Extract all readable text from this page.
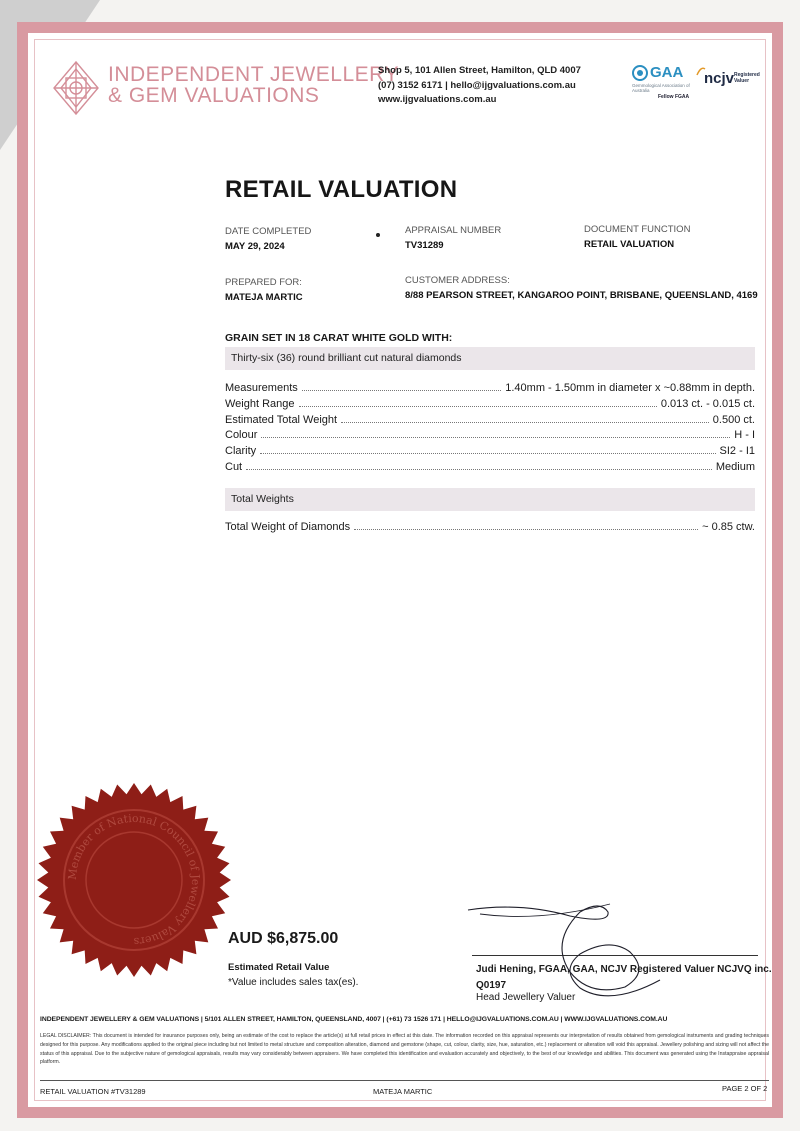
INDEPENDENT JEWELLERY
& GEM VALUATIONS
Shop 5, 101 Allen Street, Hamilton, QLD 4007
(07) 3152 6171 | hello@ijgvaluations.com.au
www.ijgvaluations.com.au
GAA
Gemmological Association of Australia
Fellow FGAA
ncjv Registered Valuer
RETAIL VALUATION
DATE COMPLETED
MAY 29, 2024
APPRAISAL NUMBER
TV31289
DOCUMENT FUNCTION
RETAIL VALUATION
PREPARED FOR:
MATEJA MARTIC
CUSTOMER ADDRESS:
8/88 PEARSON STREET, KANGAROO POINT, BRISBANE, QUEENSLAND, 4169
GRAIN SET IN 18 CARAT WHITE GOLD WITH:
Thirty-six (36) round brilliant cut natural diamonds
Measurements	1.40mm - 1.50mm in diameter x ~0.88mm in depth.
Weight Range	0.013 ct. - 0.015 ct.
Estimated Total Weight	0.500 ct.
Colour	H - I
Clarity	SI2 - I1
Cut	Medium
Total Weights
Total Weight of Diamonds	~ 0.85 ctw.
Member of National Council of Jewellery Valuers	AUD $6,875.00
Estimated Retail Value
*Value includes sales tax(es).
Judi Hening, FGAA, GAA, NCJV Registered Valuer NCJVQ inc.
Q0197
Head Jewellery Valuer
INDEPENDENT JEWELLERY & GEM VALUATIONS | 5/101 ALLEN STREET, HAMILTON, QUEENSLAND, 4007 | (+61) 73 1526 171 | HELLO@IJGVALUATIONS.COM.AU | WWW.IJGVALUATIONS.COM.AU
LEGAL DISCLAIMER: This document is intended for insurance purposes only, being an estimate of the cost to replace the article(s) at full retail prices in effect at this date. The information recorded on this appraisal represents our interpretation of results obtained from gemological instruments and grading techniques designed for this purpose. Any modifications applied to the original piece including but not limited to metal structure and composition alteration, diamond and gemstone (shape, cut, colour, clarity, size, hue, saturation, etc.) replacement or alteration will void this appraisal. Jewellery polishing and sizing will not affect the status of this appraisal. Due to the subjective nature of gemological appraisals, results may vary considerably between appraisers. We have completed this identification and evaluation accurately and objectively, to the best of our knowledge and abilities. This document was generated using the Instappraise appraisal platform.
RETAIL VALUATION #TV31289	MATEJA MARTIC	PAGE 2 OF 2
